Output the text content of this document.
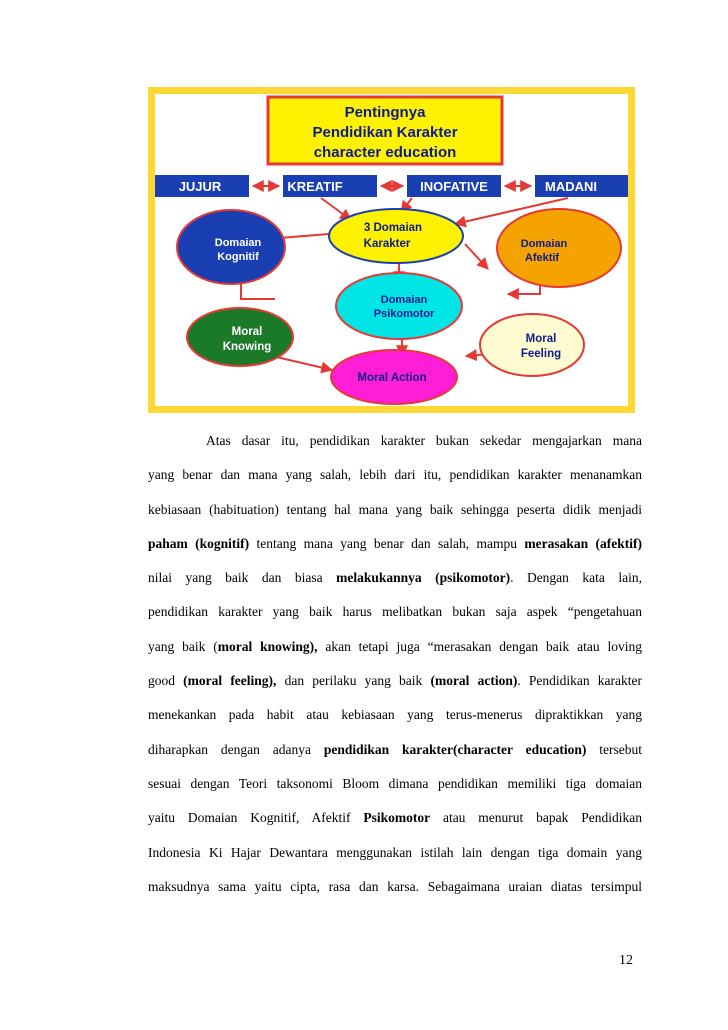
Pentingnya
Pendidikan Karakter
character education
JUJUR	KREATIF	INOFATIVE	MADANI
Domaian
Kognitif
3 Domaian
Karakter	Domaian
Afektif
Domaian
Psikomotor
Moral
Knowing
Moral
Feeling
Moral Action
Atas dasar itu, pendidikan karakter bukan sekedar mengajarkan mana
yang benar dan mana yang salah, lebih dari itu, pendidikan karakter menanamkan
kebiasaan (habituation) tentang hal mana yang baik sehingga peserta didik menjadi
paham (kognitif) tentang mana yang benar dan salah, mampu merasakan (afektif)
nilai yang baik dan biasa melakukannya (psikomotor). Dengan kata lain,
pendidikan karakter yang baik harus melibatkan bukan saja aspek “pengetahuan
yang baik (moral knowing), akan tetapi juga “merasakan dengan baik atau loving
good (moral feeling), dan perilaku yang baik (moral action). Pendidikan karakter
menekankan pada habit atau kebiasaan yang terus-menerus dipraktikkan yang
diharapkan dengan adanya pendidikan karakter(character education) tersebut
sesuai dengan Teori taksonomi Bloom dimana pendidikan memiliki tiga domaian
yaitu Domaian Kognitif, Afektif Psikomotor atau menurut bapak Pendidikan
Indonesia Ki Hajar Dewantara menggunakan istilah lain dengan tiga domain yang
maksudnya sama yaitu cipta, rasa dan karsa. Sebagaimana uraian diatas tersimpul
12
